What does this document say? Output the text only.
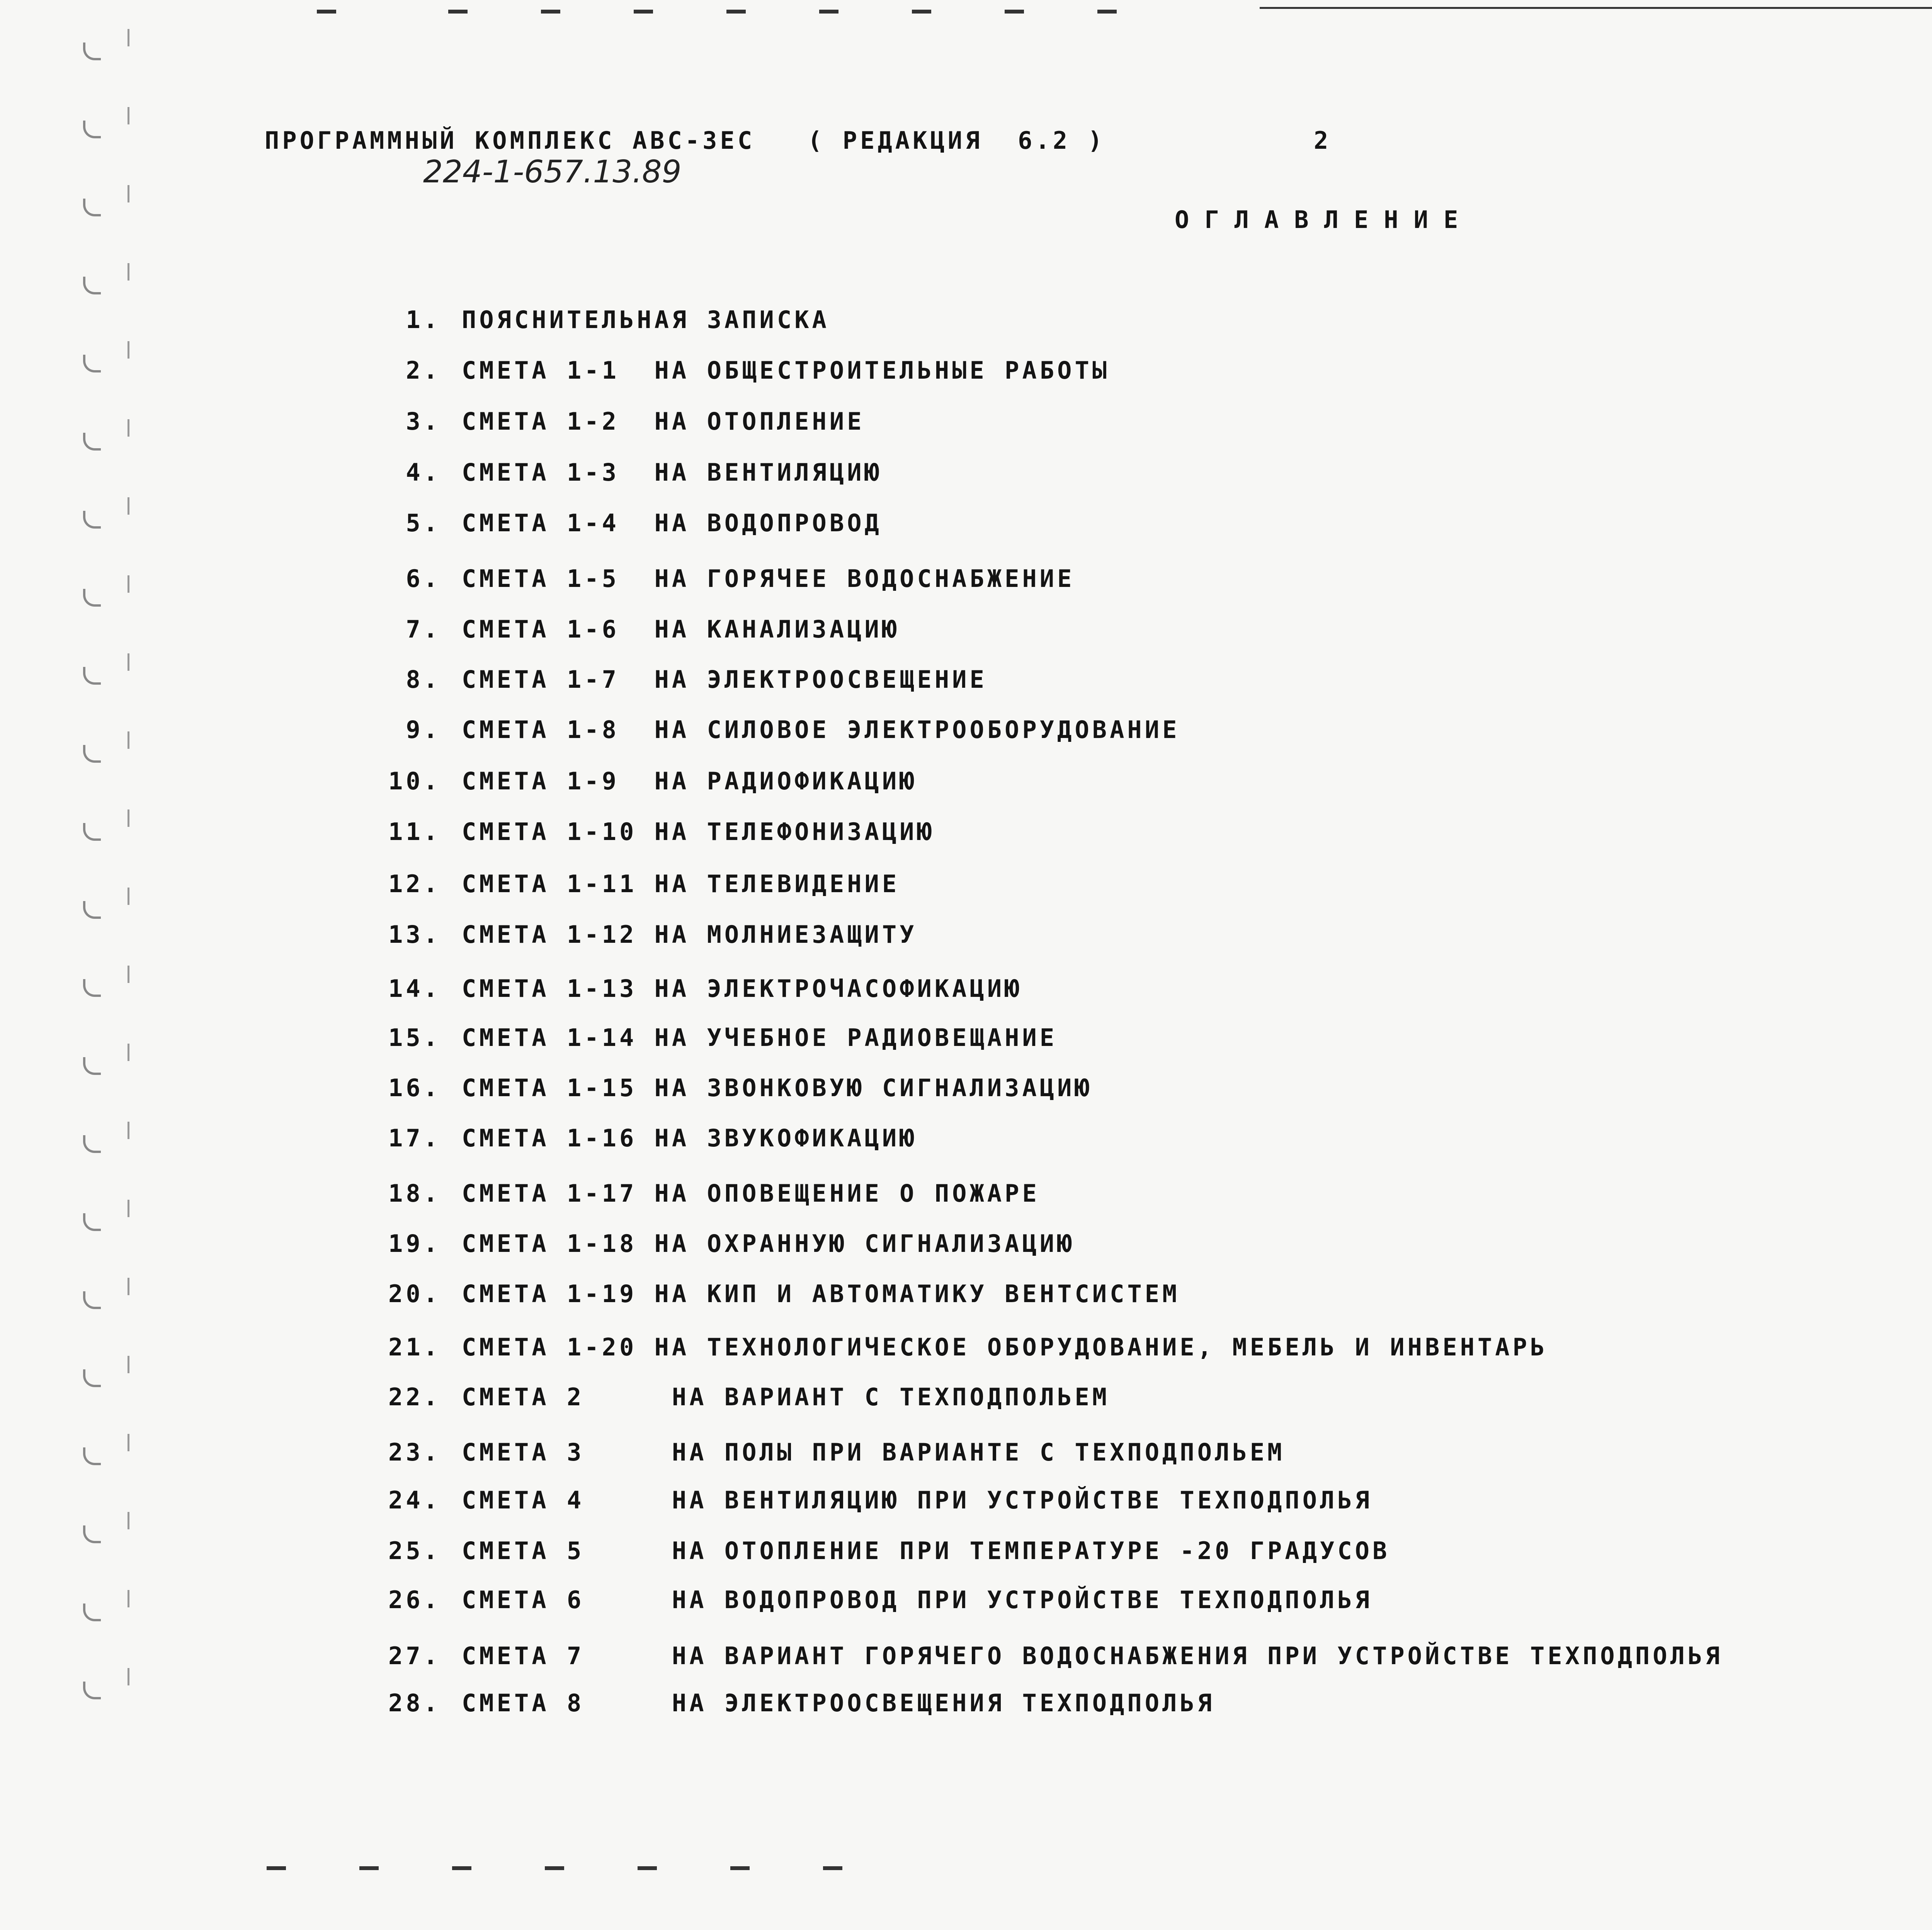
ПРОГРАММНЫЙ КОМПЛЕКС АВС-3ЕС   ( РЕДАКЦИЯ  6.2 )	2
224-1-657.13.89
ОГЛАВЛЕНИЕ
1. ПОЯСНИТЕЛЬНАЯ ЗАПИСКА
2. СМЕТА 1-1  НА ОБЩЕСТРОИТЕЛЬНЫЕ РАБОТЫ
3. СМЕТА 1-2  НА ОТОПЛЕНИЕ
4. СМЕТА 1-3  НА ВЕНТИЛЯЦИЮ
5. СМЕТА 1-4  НА ВОДОПРОВОД
6. СМЕТА 1-5  НА ГОРЯЧЕЕ ВОДОСНАБЖЕНИЕ
7. СМЕТА 1-6  НА КАНАЛИЗАЦИЮ
8. СМЕТА 1-7  НА ЭЛЕКТРООСВЕЩЕНИЕ
9. СМЕТА 1-8  НА СИЛОВОЕ ЭЛЕКТРООБОРУДОВАНИЕ
10. СМЕТА 1-9  НА РАДИОФИКАЦИЮ
11. СМЕТА 1-10 НА ТЕЛЕФОНИЗАЦИЮ
12. СМЕТА 1-11 НА ТЕЛЕВИДЕНИЕ
13. СМЕТА 1-12 НА МОЛНИЕЗАЩИТУ
14. СМЕТА 1-13 НА ЭЛЕКТРОЧАСОФИКАЦИЮ
15. СМЕТА 1-14 НА УЧЕБНОЕ РАДИОВЕЩАНИЕ
16. СМЕТА 1-15 НА ЗВОНКОВУЮ СИГНАЛИЗАЦИЮ
17. СМЕТА 1-16 НА ЗВУКОФИКАЦИЮ
18. СМЕТА 1-17 НА ОПОВЕЩЕНИЕ О ПОЖАРЕ
19. СМЕТА 1-18 НА ОХРАННУЮ СИГНАЛИЗАЦИЮ
20. СМЕТА 1-19 НА КИП И АВТОМАТИКУ ВЕНТСИСТЕМ
21. СМЕТА 1-20 НА ТЕХНОЛОГИЧЕСКОЕ ОБОРУДОВАНИЕ, МЕБЕЛЬ И ИНВЕНТАРЬ
22. СМЕТА 2     НА ВАРИАНТ С ТЕХПОДПОЛЬЕМ
23. СМЕТА 3     НА ПОЛЫ ПРИ ВАРИАНТЕ С ТЕХПОДПОЛЬЕМ
24. СМЕТА 4     НА ВЕНТИЛЯЦИЮ ПРИ УСТРОЙСТВЕ ТЕХПОДПОЛЬЯ
25. СМЕТА 5     НА ОТОПЛЕНИЕ ПРИ ТЕМПЕРАТУРЕ -20 ГРАДУСОВ
26. СМЕТА 6     НА ВОДОПРОВОД ПРИ УСТРОЙСТВЕ ТЕХПОДПОЛЬЯ
27. СМЕТА 7     НА ВАРИАНТ ГОРЯЧЕГО ВОДОСНАБЖЕНИЯ ПРИ УСТРОЙСТВЕ ТЕХПОДПОЛЬЯ
28. СМЕТА 8     НА ЭЛЕКТРООСВЕЩЕНИЯ ТЕХПОДПОЛЬЯ
